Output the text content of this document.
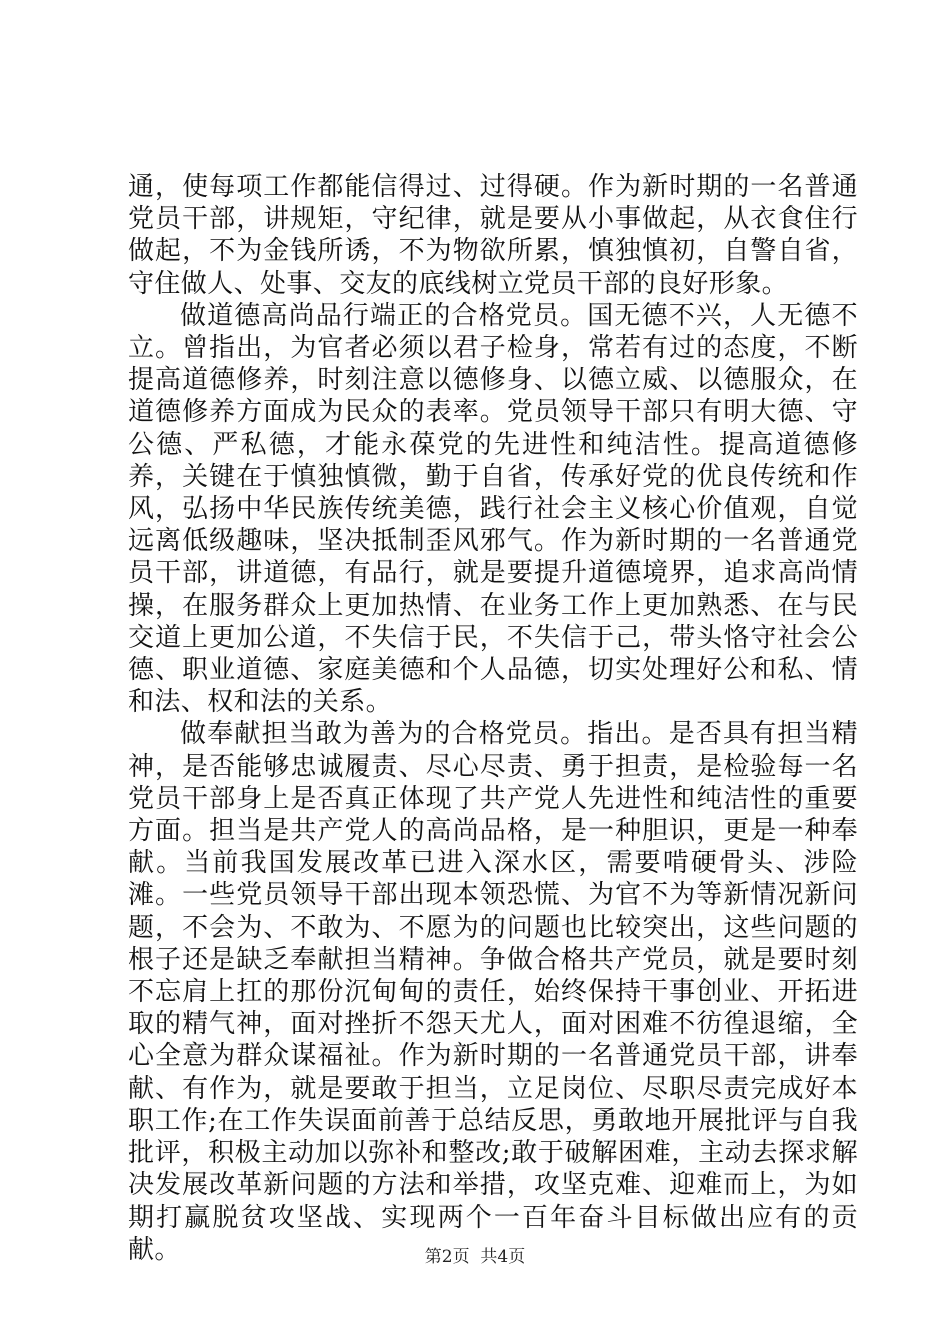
通，使每项工作都能信得过、过得硬。作为新时期的一名普通党员干部，讲规矩，守纪律，就是要从小事做起，从衣食住行做起，不为金钱所诱，不为物欲所累，慎独慎初，自警自省，守住做人、处事、交友的底线树立党员干部的良好形象。

做道德高尚品行端正的合格党员。国无德不兴，人无德不立。曾指出，为官者必须以君子检身，常若有过的态度，不断提高道德修养，时刻注意以德修身、以德立威、以德服众，在道德修养方面成为民众的表率。党员领导干部只有明大德、守公德、严私德，才能永葆党的先进性和纯洁性。提高道德修养，关键在于慎独慎微，勤于自省，传承好党的优良传统和作风，弘扬中华民族传统美德，践行社会主义核心价值观，自觉远离低级趣味，坚决抵制歪风邪气。作为新时期的一名普通党员干部，讲道德，有品行，就是要提升道德境界，追求高尚情操，在服务群众上更加热情、在业务工作上更加熟悉、在与民交道上更加公道，不失信于民，不失信于己，带头恪守社会公德、职业道德、家庭美德和个人品德，切实处理好公和私、情和法、权和法的关系。

做奉献担当敢为善为的合格党员。指出。是否具有担当精神，是否能够忠诚履责、尽心尽责、勇于担责，是检验每一名党员干部身上是否真正体现了共产党人先进性和纯洁性的重要方面。担当是共产党人的高尚品格，是一种胆识，更是一种奉献。当前我国发展改革已进入深水区，需要啃硬骨头、涉险滩。一些党员领导干部出现本领恐慌、为官不为等新情况新问题，不会为、不敢为、不愿为的问题也比较突出，这些问题的根子还是缺乏奉献担当精神。争做合格共产党员，就是要时刻不忘肩上扛的那份沉甸甸的责任，始终保持干事创业、开拓进取的精气神，面对挫折不怨天尤人，面对困难不彷徨退缩，全心全意为群众谋福祉。作为新时期的一名普通党员干部，讲奉献、有作为，就是要敢于担当，立足岗位、尽职尽责完成好本职工作;在工作失误面前善于总结反思，勇敢地开展批评与自我批评，积极主动加以弥补和整改;敢于破解困难，主动去探求解决发展改革新问题的方法和举措，攻坚克难、迎难而上，为如期打赢脱贫攻坚战、实现两个一百年奋斗目标做出应有的贡献。	第2页 共4页
